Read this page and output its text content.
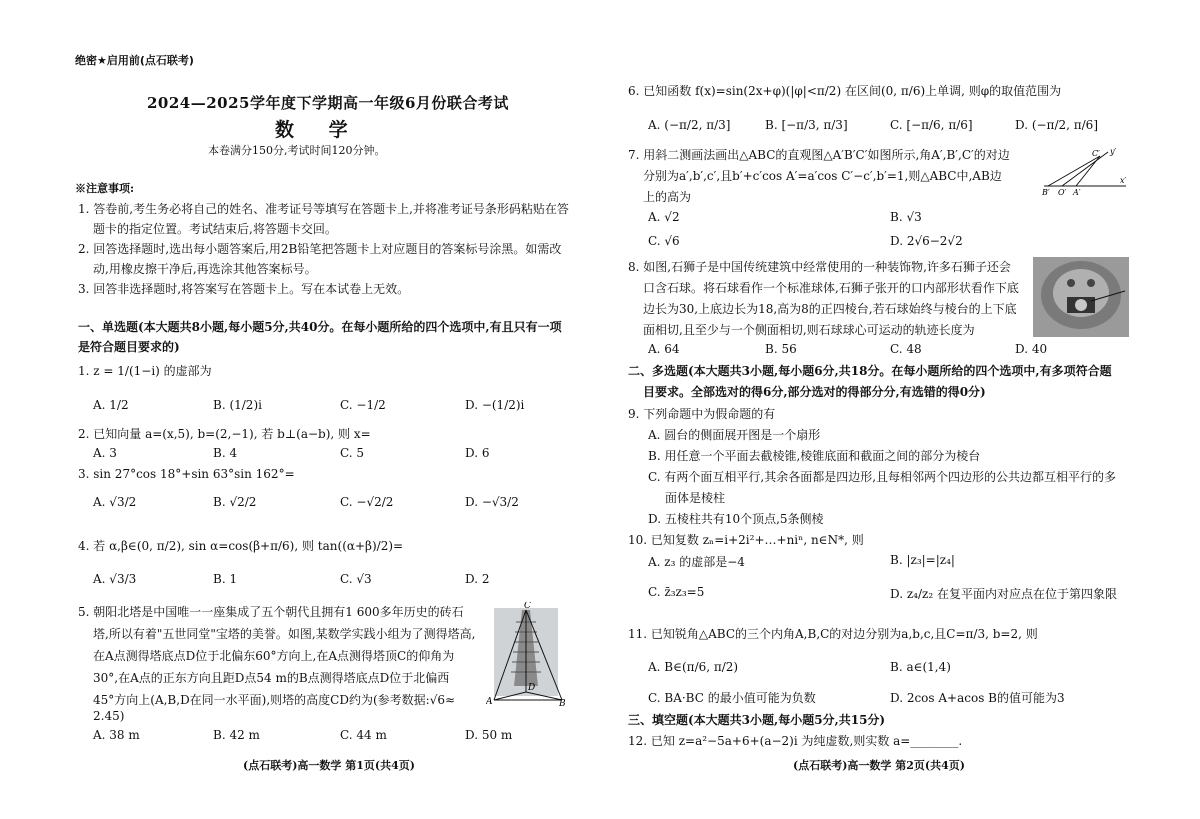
绝密★启用前(点石联考)
2024—2025学年度下学期高一年级6月份联合考试
数 学
本卷满分150分,考试时间120分钟。
※注意事项:
1. 答卷前,考生务必将自己的姓名、准考证号等填写在答题卡上,并将准考证号条形码粘贴在答
题卡的指定位置。考试结束后,将答题卡交回。
2. 回答选择题时,选出每小题答案后,用2B铅笔把答题卡上对应题目的答案标号涂黑。如需改
动,用橡皮擦干净后,再选涂其他答案标号。
3. 回答非选择题时,将答案写在答题卡上。写在本试卷上无效。
一、单选题(本大题共8小题,每小题5分,共40分。在每小题所给的四个选项中,有且只有一项
是符合题目要求的)
1. z = 1/(1−i) 的虚部为
A. 1/2	B. (1/2)i	C. −1/2	D. −(1/2)i
2. 已知向量 a=(x,5), b=(2,−1), 若 b⊥(a−b), 则 x=
A. 3	B. 4	C. 5	D. 6
3. sin 27°cos 18°+sin 63°sin 162°=
A. √3/2	B. √2/2	C. −√2/2	D. −√3/2
4. 若 α,β∈(0, π/2), sin α=cos(β+π/6), 则 tan((α+β)/2)=
A. √3/3	B. 1	C. √3	D. 2
5. 朝阳北塔是中国唯一一座集成了五个朝代且拥有1 600多年历史的砖石
塔,所以有着"五世同堂"宝塔的美誉。如图,某数学实践小组为了测得塔高,
在A点测得塔底点D位于北偏东60°方向上,在A点测得塔顶C的仰角为
30°,在A点的正东方向且距D点54 m的B点测得塔底点D位于北偏西
45°方向上(A,B,D在同一水平面),则塔的高度CD约为(参考数据:√6≈
2.45)
A. 38 m	B. 42 m	C. 44 m	D. 50 m
C
D
A	B
(点石联考)高一数学 第1页(共4页)
6. 已知函数 f(x)=sin(2x+φ)(|φ|<π/2) 在区间(0, π/6)上单调, 则φ的取值范围为
A. (−π/2, π/3]	B. [−π/3, π/3]	C. [−π/6, π/6]	D. (−π/2, π/6]
7. 用斜二测画法画出△ABC的直观图△A′B′C′如图所示,角A′,B′,C′的对边
分别为a′,b′,c′,且b′+c′cos A′=a′cos C′−c′,b′=1,则△ABC中,AB边
上的高为
A. √2	B. √3
C. √6	D. 2√6−2√2
C′ y′
x′
B′ O′ A′
8. 如图,石狮子是中国传统建筑中经常使用的一种装饰物,许多石狮子还会
口含石球。将石球看作一个标准球体,石狮子张开的口内部形状看作下底
边长为30,上底边长为18,高为8的正四棱台,若石球始终与棱台的上下底
面相切,且至少与一个侧面相切,则石球球心可运动的轨迹长度为
A. 64	B. 56	C. 48	D. 40
二、多选题(本大题共3小题,每小题6分,共18分。在每小题所给的四个选项中,有多项符合题
目要求。全部选对的得6分,部分选对的得部分分,有选错的得0分)
9. 下列命题中为假命题的有
A. 圆台的侧面展开图是一个扇形
B. 用任意一个平面去截棱锥,棱锥底面和截面之间的部分为棱台
C. 有两个面互相平行,其余各面都是四边形,且每相邻两个四边形的公共边都互相平行的多
面体是棱柱
D. 五棱柱共有10个顶点,5条侧棱
10. 已知复数 zₙ=i+2i²+…+niⁿ, n∈N*, 则
A. z₃ 的虚部是−4	B. |z₃|=|z₄|
C. z̄₃z₃=5	D. z₄/z₂ 在复平面内对应点在位于第四象限
11. 已知锐角△ABC的三个内角A,B,C的对边分别为a,b,c,且C=π/3, b=2, 则
A. B∈(π/6, π/2)	B. a∈(1,4)
C. BA·BC 的最小值可能为负数	D. 2cos A+acos B的值可能为3
三、填空题(本大题共3小题,每小题5分,共15分)
12. 已知 z=a²−5a+6+(a−2)i 为纯虚数,则实数 a=________.
(点石联考)高一数学 第2页(共4页)
